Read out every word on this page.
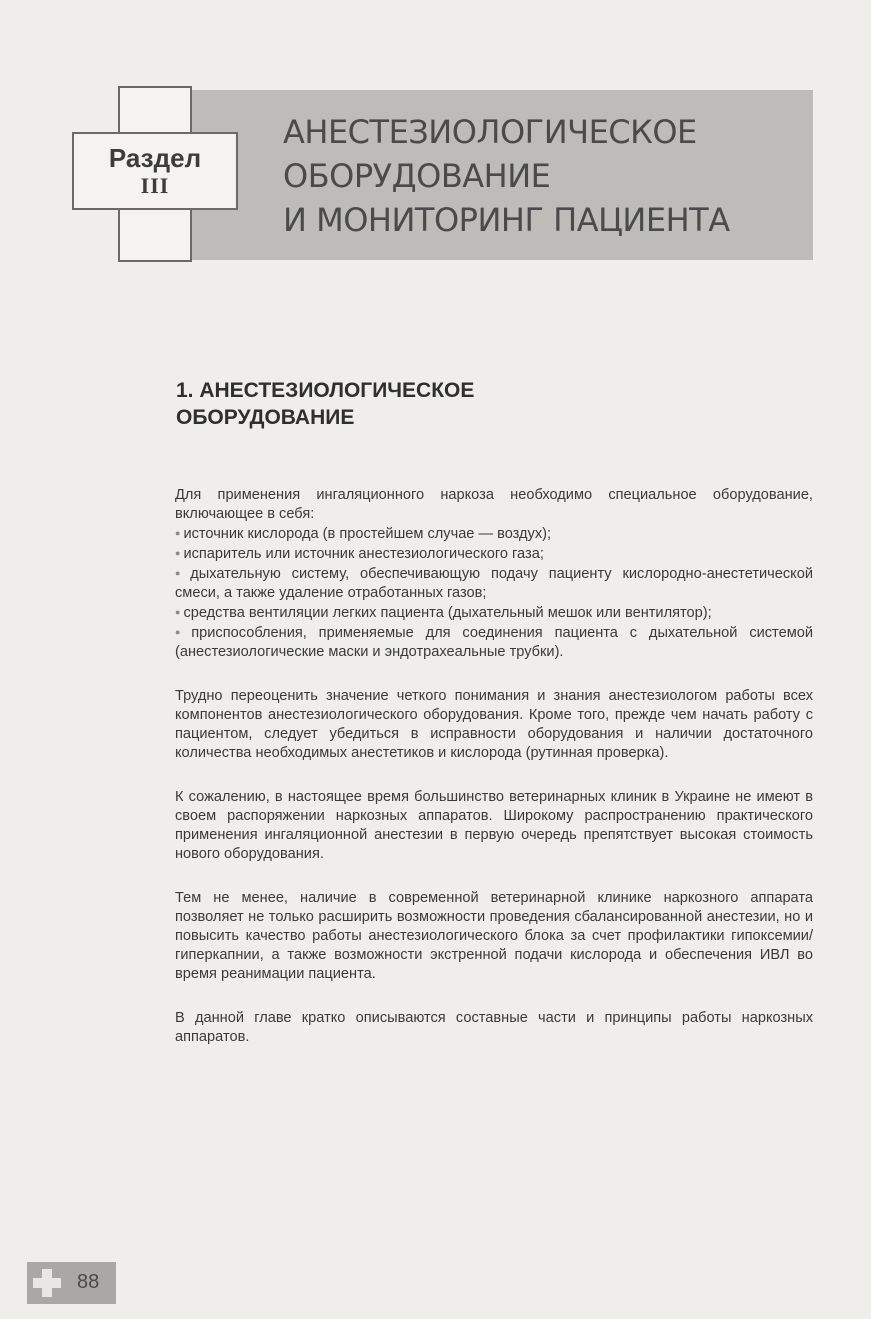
Раздел
III
АНЕСТЕЗИОЛОГИЧЕСКОЕ
ОБОРУДОВАНИЕ
И МОНИТОРИНГ ПАЦИЕНТА
1. АНЕСТЕЗИОЛОГИЧЕСКОЕ
ОБОРУДОВАНИЕ

Для применения ингаляционного наркоза необходимо специальное оборудование, включающее в себя:

● источник кислорода (в простейшем случае — воздух);
● испаритель или источник анестезиологического газа;
● дыхательную систему, обеспечивающую подачу пациенту кислородно-анестетической смеси, а также удаление отработанных газов;
● средства вентиляции легких пациента (дыхательный мешок или вентилятор);
● приспособления, применяемые для соединения пациента с дыхательной системой (анестезиологические маски и эндотрахеальные трубки).

Трудно переоценить значение четкого понимания и знания анестезиологом работы всех компонентов анестезиологического оборудования. Кроме того, прежде чем начать работу с пациентом, следует убедиться в исправности оборудования и наличии достаточного количества необходимых анестетиков и кислорода (рутинная проверка).

К сожалению, в настоящее время большинство ветеринарных клиник в Украине не имеют в своем распоряжении наркозных аппаратов. Широкому распространению практического применения ингаляционной анестезии в первую очередь препятствует высокая стоимость нового оборудования.

Тем не менее, наличие в современной ветеринарной клинике наркозного аппарата позволяет не только расширить возможности проведения сбалансированной анестезии, но и повысить качество работы анестезиологического блока за счет профилактики гипоксемии/ гиперкапнии, а также возможности экстренной подачи кислорода и обеспечения ИВЛ во время реанимации пациента.

В данной главе кратко описываются составные части и принципы работы наркозных аппаратов.

88
